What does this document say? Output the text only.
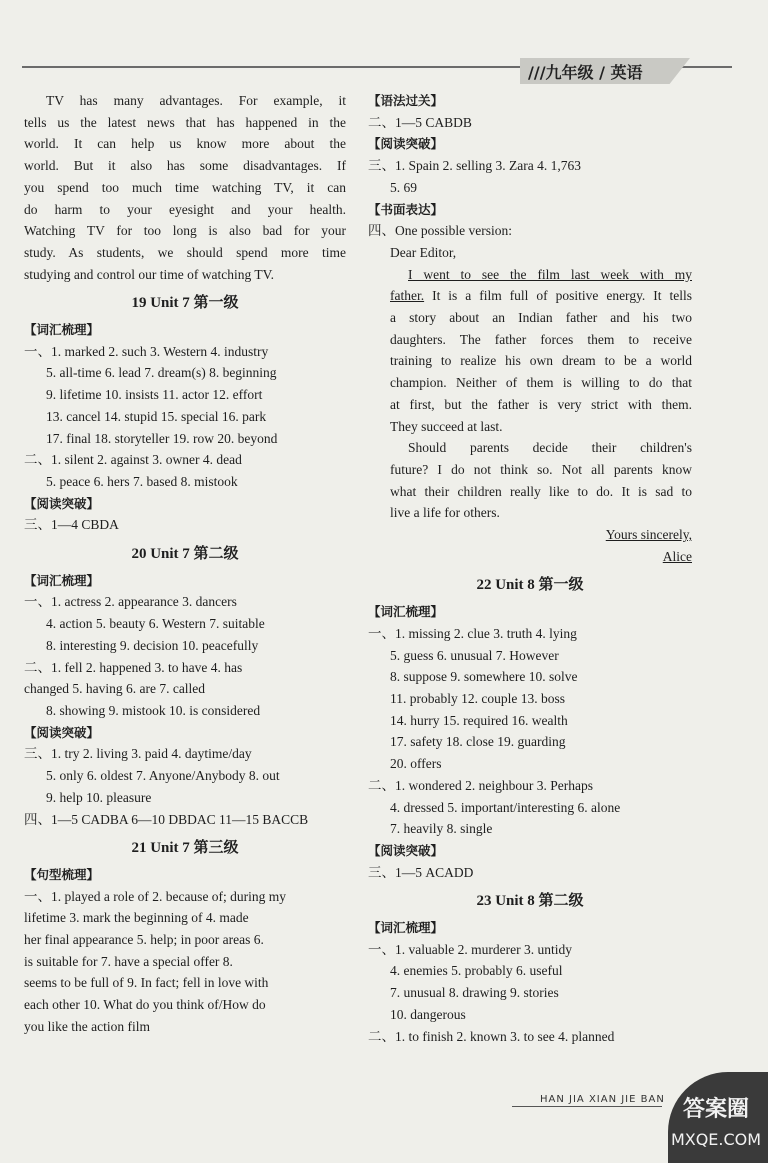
///九年级 / 英语
TV has many advantages. For example, it
tells us the latest news that has happened in the
world. It can help us know more about the
world. But it also has some disadvantages. If
you spend too much time watching TV, it can
do harm to your eyesight and your health.
Watching TV for too long is also bad for your
study. As students, we should spend more time
studying and control our time of watching TV.
19 Unit 7 第一级
【词汇梳理】
一、1. marked 2. such 3. Western 4. industry
5. all-time 6. lead 7. dream(s) 8. beginning
9. lifetime 10. insists 11. actor 12. effort
13. cancel 14. stupid 15. special 16. park
17. final 18. storyteller 19. row 20. beyond
二、1. silent 2. against 3. owner 4. dead
5. peace 6. hers 7. based 8. mistook
【阅读突破】
三、1—4 CBDA
20 Unit 7 第二级
【词汇梳理】
一、1. actress 2. appearance 3. dancers
4. action 5. beauty 6. Western 7. suitable
8. interesting 9. decision 10. peacefully
二、1. fell 2. happened 3. to have 4. has
changed 5. having 6. are 7. called
8. showing 9. mistook 10. is considered
【阅读突破】
三、1. try 2. living 3. paid 4. daytime/day
5. only 6. oldest 7. Anyone/Anybody 8. out
9. help 10. pleasure
四、1—5 CADBA 6—10 DBDAC 11—15 BACCB
21 Unit 7 第三级
【句型梳理】
一、1. played a role of 2. because of; during my
lifetime 3. mark the beginning of 4. made
her final appearance 5. help; in poor areas 6.
is suitable for 7. have a special offer 8.
seems to be full of 9. In fact; fell in love with
each other 10. What do you think of/How do
you like the action film
【语法过关】
二、1—5 CABDB
【阅读突破】
三、1. Spain 2. selling 3. Zara 4. 1,763
5. 69
【书面表达】
四、One possible version:
Dear Editor,
I went to see the film last week with my
father. It is a film full of positive energy. It tells
a story about an Indian father and his two
daughters. The father forces them to receive
training to realize his own dream to be a world
champion. Neither of them is willing to do that
at first, but the father is very strict with them.
They succeed at last.
Should parents decide their children's
future? I do not think so. Not all parents know
what their children really like to do. It is sad to
live a life for others.
Yours sincerely,
Alice
22 Unit 8 第一级
【词汇梳理】
一、1. missing 2. clue 3. truth 4. lying
5. guess 6. unusual 7. However
8. suppose 9. somewhere 10. solve
11. probably 12. couple 13. boss
14. hurry 15. required 16. wealth
17. safety 18. close 19. guarding
20. offers
二、1. wondered 2. neighbour 3. Perhaps
4. dressed 5. important/interesting 6. alone
7. heavily 8. single
【阅读突破】
三、1—5 ACADD
23 Unit 8 第二级
【词汇梳理】
一、1. valuable 2. murderer 3. untidy
4. enemies 5. probably 6. useful
7. unusual 8. drawing 9. stories
10. dangerous
二、1. to finish 2. known 3. to see 4. planned
HAN JIA XIAN JIE BAN 答案圈
MXQE.COM
